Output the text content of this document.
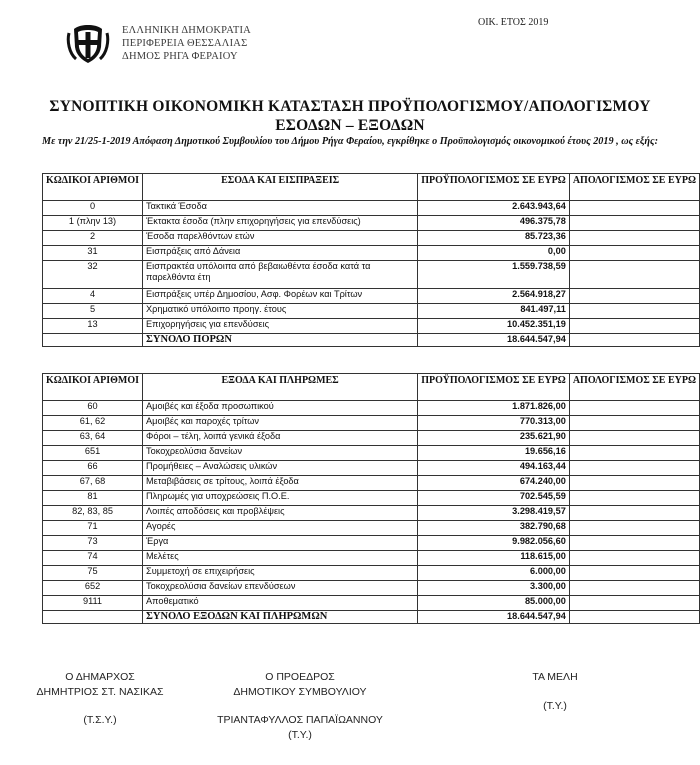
ΕΛΛΗΝΙΚΗ ΔΗΜΟΚΡΑΤΙΑ
ΠΕΡΙΦΕΡΕΙΑ ΘΕΣΣΑΛΙΑΣ
ΔΗΜΟΣ ΡΗΓΑ ΦΕΡΑΙΟΥ
ΟΙΚ. ΕΤΟΣ 2019
ΣΥΝΟΠΤΙΚΗ ΟΙΚΟΝΟΜΙΚΗ ΚΑΤΑΣΤΑΣΗ ΠΡΟΫΠΟΛΟΓΙΣΜΟΥ/ΑΠΟΛΟΓΙΣΜΟΥ
ΕΣΟΔΩΝ – ΕΞΟΔΩΝ
Με την 21/25-1-2019 Απόφαση Δημοτικού Συμβουλίου του Δήμου Ρήγα Φεραίου, εγκρίθηκε ο Προϋπολογισμός οικονομικού έτους 2019 , ως εξής:
ΚΩΔΙΚΟΙ ΑΡΙΘΜΟΙ	ΕΣΟΔΑ ΚΑΙ ΕΙΣΠΡΑΞΕΙΣ	ΠΡΟΫΠΟΛΟΓΙΣΜΟΣ ΣΕ ΕΥΡΩ	ΑΠΟΛΟΓΙΣΜΟΣ ΣΕ ΕΥΡΩ
0	Τακτικά Έσοδα	2.643.943,64	
1 (πλην 13)	Έκτακτα έσοδα (πλην επιχορηγήσεις για επενδύσεις)	496.375,78	
2	Έσοδα παρελθόντων ετών	85.723,36	
31	Εισπράξεις από Δάνεια	0,00	
32	Εισπρακτέα υπόλοιπα από βεβαιωθέντα έσοδα κατά τα παρελθόντα έτη	1.559.738,59	
4	Εισπράξεις υπέρ Δημοσίου, Ασφ. Φορέων και Τρίτων	2.564.918,27	
5	Χρηματικό υπόλοιπο προηγ. έτους	841.497,11	
13	Επιχορηγήσεις για επενδύσεις	10.452.351,19	
	ΣΥΝΟΛΟ ΠΟΡΩΝ	18.644.547,94	
ΚΩΔΙΚΟΙ ΑΡΙΘΜΟΙ	ΕΞΟΔΑ ΚΑΙ ΠΛΗΡΩΜΕΣ	ΠΡΟΫΠΟΛΟΓΙΣΜΟΣ ΣΕ ΕΥΡΩ	ΑΠΟΛΟΓΙΣΜΟΣ ΣΕ ΕΥΡΩ
60	Αμοιβές και έξοδα προσωπικού	1.871.826,00	
61, 62	Αμοιβές και παροχές τρίτων	770.313,00	
63, 64	Φόροι – τέλη, λοιπά γενικά έξοδα	235.621,90	
651	Τοκοχρεολύσια δανείων	19.656,16	
66	Προμήθειες – Αναλώσεις υλικών	494.163,44	
67, 68	Μεταβιβάσεις σε τρίτους, λοιπά έξοδα	674.240,00	
81	Πληρωμές για υποχρεώσεις Π.Ο.Ε.	702.545,59	
82, 83, 85	Λοιπές αποδόσεις και προβλέψεις	3.298.419,57	
71	Αγορές	382.790,68	
73	Έργα	9.982.056,60	
74	Μελέτες	118.615,00	
75	Συμμετοχή σε επιχειρήσεις	6.000,00	
652	Τοκοχρεολύσια δανείων επενδύσεων	3.300,00	
9111	Αποθεματικό	85.000,00	
	ΣΥΝΟΛΟ ΕΞΟΔΩΝ ΚΑΙ ΠΛΗΡΩΜΩΝ	18.644.547,94	
Ο ΔΗΜΑΡΧΟΣ
ΔΗΜΗΤΡΙΟΣ ΣΤ. ΝΑΣΙΚΑΣ
(Τ.Σ.Υ.)
Ο ΠΡΟΕΔΡΟΣ
ΔΗΜΟΤΙΚΟΥ ΣΥΜΒΟΥΛΙΟΥ
ΤΡΙΑΝΤΑΦΥΛΛΟΣ ΠΑΠΑΪΩΑΝΝΟΥ
(Τ.Υ.)
ΤΑ ΜΕΛΗ
(Τ.Υ.)
